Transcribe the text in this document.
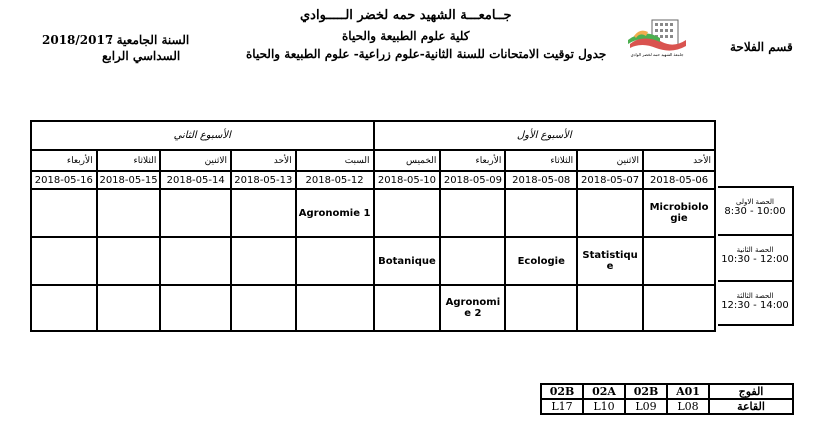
جــامعـــة الشهيد حمه لخضر الـــــوادي
كلية علوم الطبيعة والحياة
جدول توقيت الامتحانات للسنة الثانية-علوم زراعية- علوم الطبيعة والحياة	قسم الفلاحة
السنة الجامعية :
2018/2017
السداسي الرابع	جامعة الشهيد حمه لخضر الوادي
الأسبوع الثاني					الأسبوع الأول				
الأربعاء	الثلاثاء	الاثنين	الأحد	السبت	الخميس	الأربعاء	الثلاثاء	الاثنين	الأحد
2018-05-16	2018-05-15	2018-05-14	2018-05-13	2018-05-12	2018-05-10	2018-05-09	2018-05-08	2018-05-07	2018-05-06

				Agronomie 1					Microbiolo
gie

					Botanique		Ecologie	Statistiqu
e	

						Agronomi
e 2			

الحصة الاولى
8:30 - 10:00
الحصة الثانية
10:30 - 12:00
الحصة الثالثة
12:30 - 14:00
02B	02A	02B	A01	الفوج
L17	L10	L09	L08	القاعة
